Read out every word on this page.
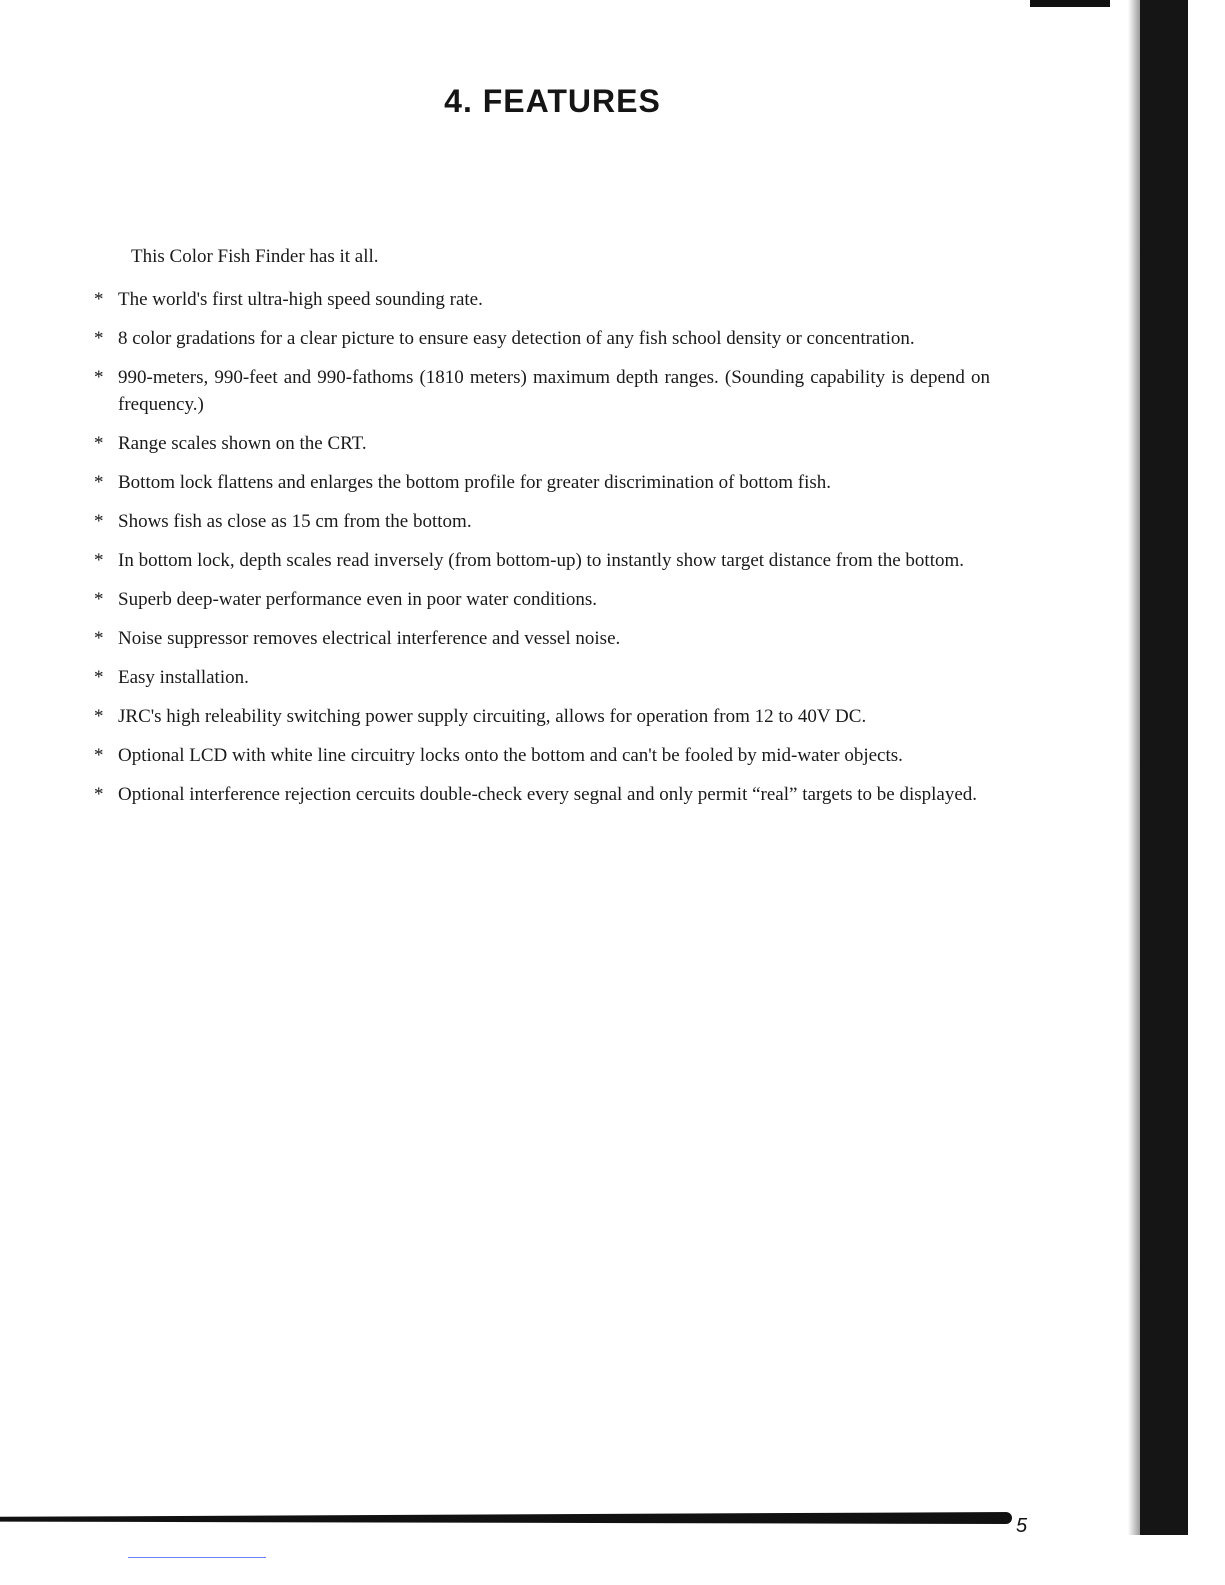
4. FEATURES
This Color Fish Finder has it all.
* The world's first ultra-high speed sounding rate.
* 8 color gradations for a clear picture to ensure easy detection of any fish school density or concentration.
* 990-meters, 990-feet and 990-fathoms (1810 meters) maximum depth ranges. (Sounding capability is depend on frequency.)
* Range scales shown on the CRT.
* Bottom lock flattens and enlarges the bottom profile for greater discrimination of bottom fish.
* Shows fish as close as 15 cm from the bottom.
* In bottom lock, depth scales read inversely (from bottom-up) to instantly show target distance from the bottom.
* Superb deep-water performance even in poor water conditions.
* Noise suppressor removes electrical interference and vessel noise.
* Easy installation.
* JRC's high releability switching power supply circuiting, allows for operation from 12 to 40V DC.
* Optional LCD with white line circuitry locks onto the bottom and can't be fooled by mid-water objects.
* Optional interference rejection cercuits double-check every segnal and only permit “real” targets to be displayed.
5
